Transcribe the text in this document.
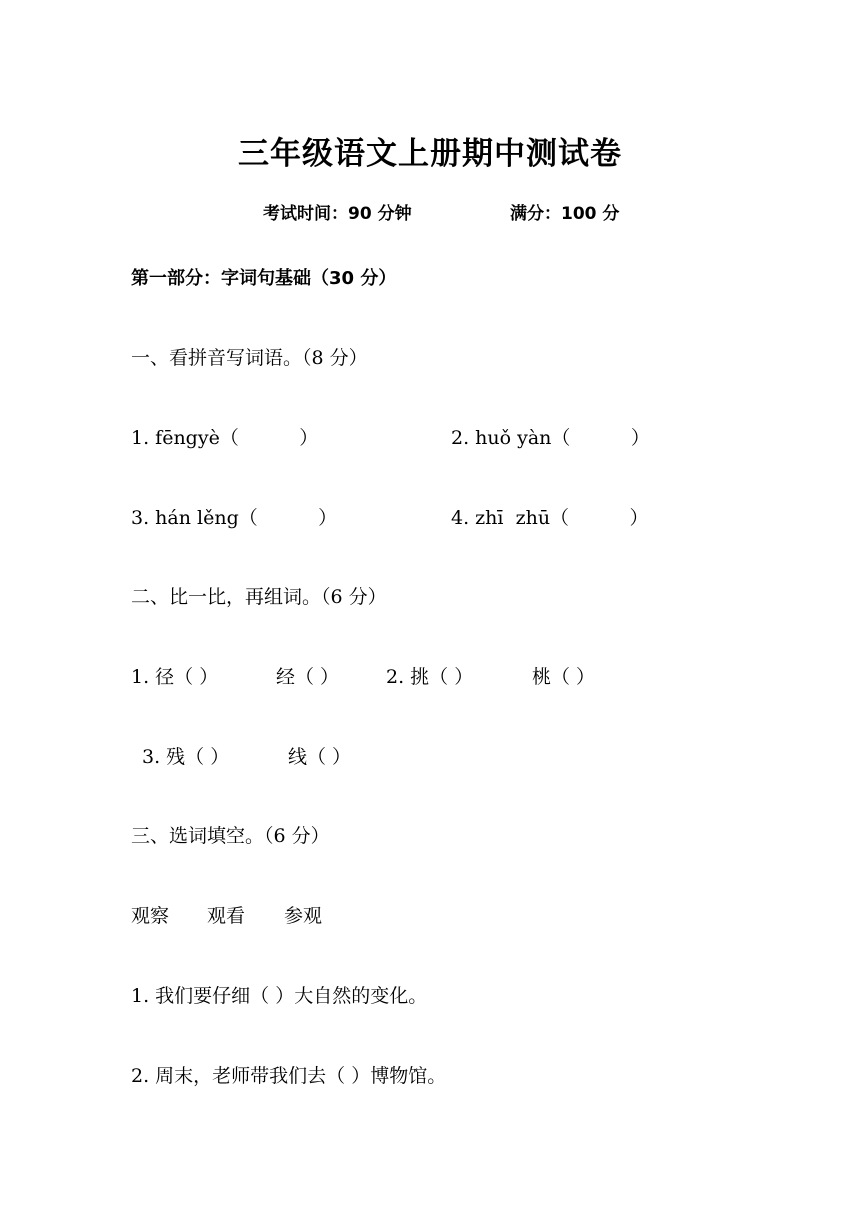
三年级语文上册期中测试卷
考试时间：90 分钟	满分：100 分
第一部分：字词句基础（30 分）
一、看拼音写词语。（8 分）
1. fēngyè（          ）	2. huǒ yàn（          ）
3. hán lěng（          ）	4. zhī  zhū（          ）
二、比一比，再组词。（6 分）
1. 径（ ）	经（ ） 2. 挑（ ）	桃（ ）
3. 残（ ）	线（ ）
三、选词填空。（6 分）
观察 观看 参观
1. 我们要仔细（ ）大自然的变化。
2. 周末，老师带我们去（ ）博物馆。
